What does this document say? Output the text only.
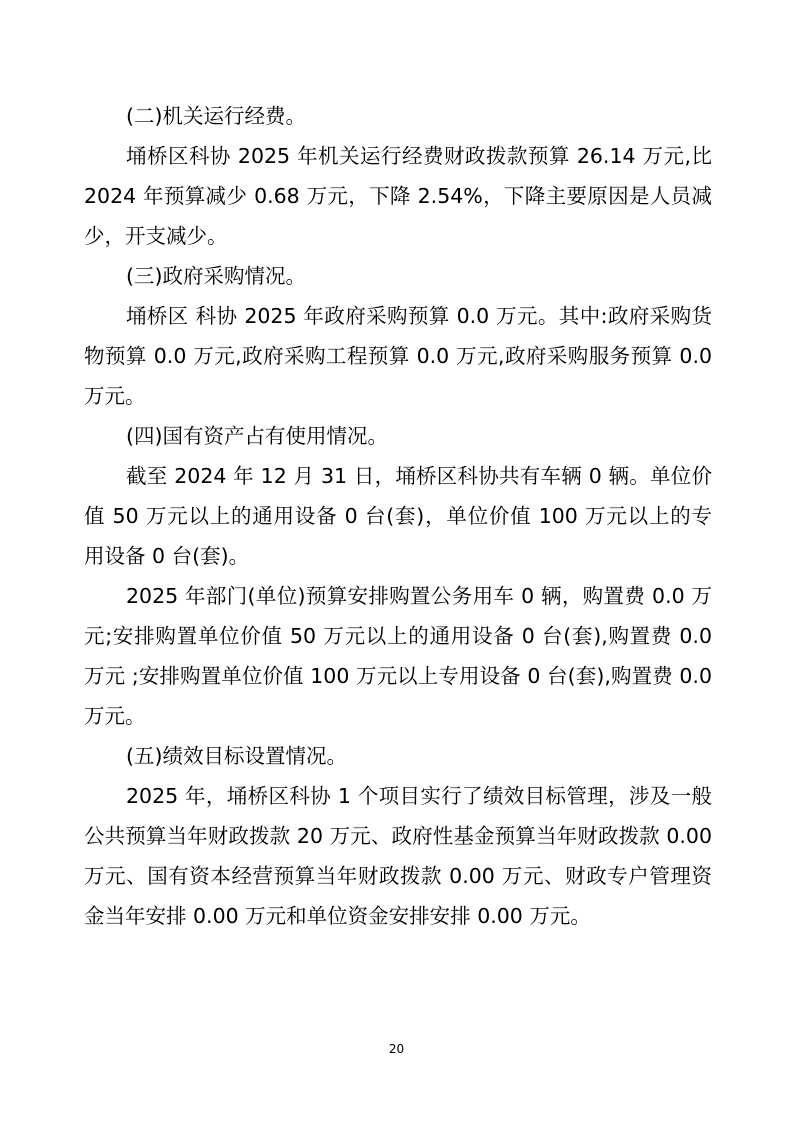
(二)机关运行经费。
埇桥区科协 2025 年机关运行经费财政拨款预算 26.14 万元,比
2024 年预算减少 0.68 万元，下降 2.54%，下降主要原因是人员减
少，开支减少。
(三)政府采购情况。
埇桥区 科协 2025 年政府采购预算 0.0 万元。其中:政府采购货
物预算 0.0 万元,政府采购工程预算 0.0 万元,政府采购服务预算 0.0
万元。
(四)国有资产占有使用情况。
截至 2024 年 12 月 31 日，埇桥区科协共有车辆 0 辆。单位价
值 50 万元以上的通用设备 0 台(套)，单位价值 100 万元以上的专
用设备 0 台(套)。
2025 年部门(单位)预算安排购置公务用车 0 辆，购置费 0.0 万
元;安排购置单位价值 50 万元以上的通用设备 0 台(套),购置费 0.0
万元 ;安排购置单位价值 100 万元以上专用设备 0 台(套),购置费 0.0
万元。
(五)绩效目标设置情况。
2025 年，埇桥区科协 1 个项目实行了绩效目标管理，涉及一般
公共预算当年财政拨款 20 万元、政府性基金预算当年财政拨款 0.00
万元、国有资本经营预算当年财政拨款 0.00 万元、财政专户管理资
金当年安排 0.00 万元和单位资金安排安排 0.00 万元。
20
